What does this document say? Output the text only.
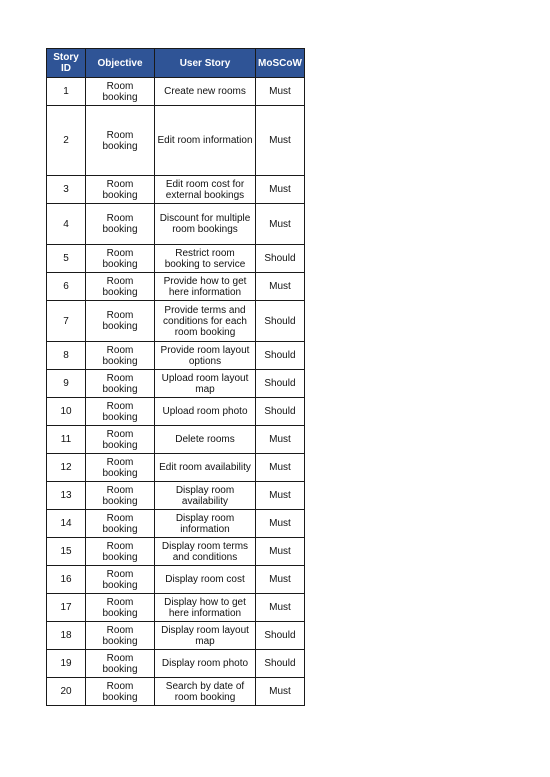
Story ID	Objective	User Story	MoSCoW
1	Room booking	Create new rooms	Must
2	Room booking	Edit room information	Must
3	Room booking	Edit room cost for external bookings	Must
4	Room booking	Discount for multiple room bookings	Must
5	Room booking	Restrict room booking to service	Should
6	Room booking	Provide how to get here information	Must
7	Room booking	Provide terms and conditions for each room booking	Should
8	Room booking	Provide room layout options	Should
9	Room booking	Upload room layout map	Should
10	Room booking	Upload room photo	Should
11	Room booking	Delete rooms	Must
12	Room booking	Edit room availability	Must
13	Room booking	Display room availability	Must
14	Room booking	Display room information	Must
15	Room booking	Display room terms and conditions	Must
16	Room booking	Display room cost	Must
17	Room booking	Display how to get here information	Must
18	Room booking	Display room layout map	Should
19	Room booking	Display room photo	Should
20	Room booking	Search by date of room booking	Must
